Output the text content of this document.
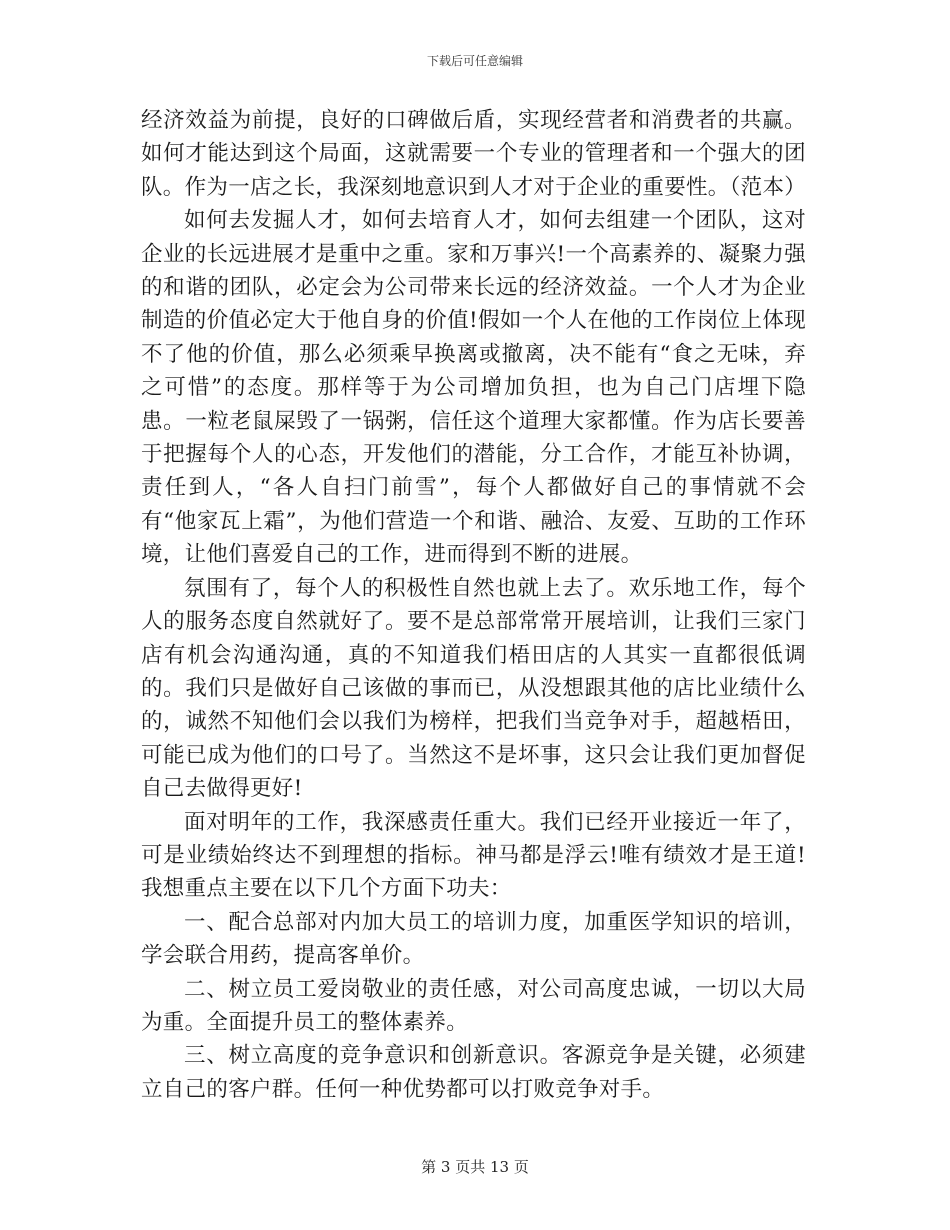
下载后可任意编辑

经济效益为前提，良好的口碑做后盾，实现经营者和消费者的共赢。如何才能达到这个局面，这就需要一个专业的管理者和一个强大的团队。作为一店之长，我深刻地意识到人才对于企业的重要性。（范本）

如何去发掘人才，如何去培育人才，如何去组建一个团队，这对企业的长远进展才是重中之重。家和万事兴!一个高素养的、凝聚力强的和谐的团队，必定会为公司带来长远的经济效益。一个人才为企业制造的价值必定大于他自身的价值!假如一个人在他的工作岗位上体现不了他的价值，那么必须乘早换离或撤离，决不能有“食之无味，弃之可惜”的态度。那样等于为公司增加负担，也为自己门店埋下隐患。一粒老鼠屎毁了一锅粥，信任这个道理大家都懂。作为店长要善于把握每个人的心态，开发他们的潜能，分工合作，才能互补协调，责任到人，“各人自扫门前雪”，每个人都做好自己的事情就不会有“他家瓦上霜”，为他们营造一个和谐、融洽、友爱、互助的工作环境，让他们喜爱自己的工作，进而得到不断的进展。

氛围有了，每个人的积极性自然也就上去了。欢乐地工作，每个人的服务态度自然就好了。要不是总部常常开展培训，让我们三家门店有机会沟通沟通，真的不知道我们梧田店的人其实一直都很低调的。我们只是做好自己该做的事而已，从没想跟其他的店比业绩什么的，诚然不知他们会以我们为榜样，把我们当竞争对手，超越梧田，可能已成为他们的口号了。当然这不是坏事，这只会让我们更加督促自己去做得更好!

面对明年的工作，我深感责任重大。我们已经开业接近一年了，可是业绩始终达不到理想的指标。神马都是浮云!唯有绩效才是王道!我想重点主要在以下几个方面下功夫：

一、配合总部对内加大员工的培训力度，加重医学知识的培训，学会联合用药，提高客单价。

二、树立员工爱岗敬业的责任感，对公司高度忠诚，一切以大局为重。全面提升员工的整体素养。

三、树立高度的竞争意识和创新意识。客源竞争是关键，必须建立自己的客户群。任何一种优势都可以打败竞争对手。

第 3 页共 13 页
